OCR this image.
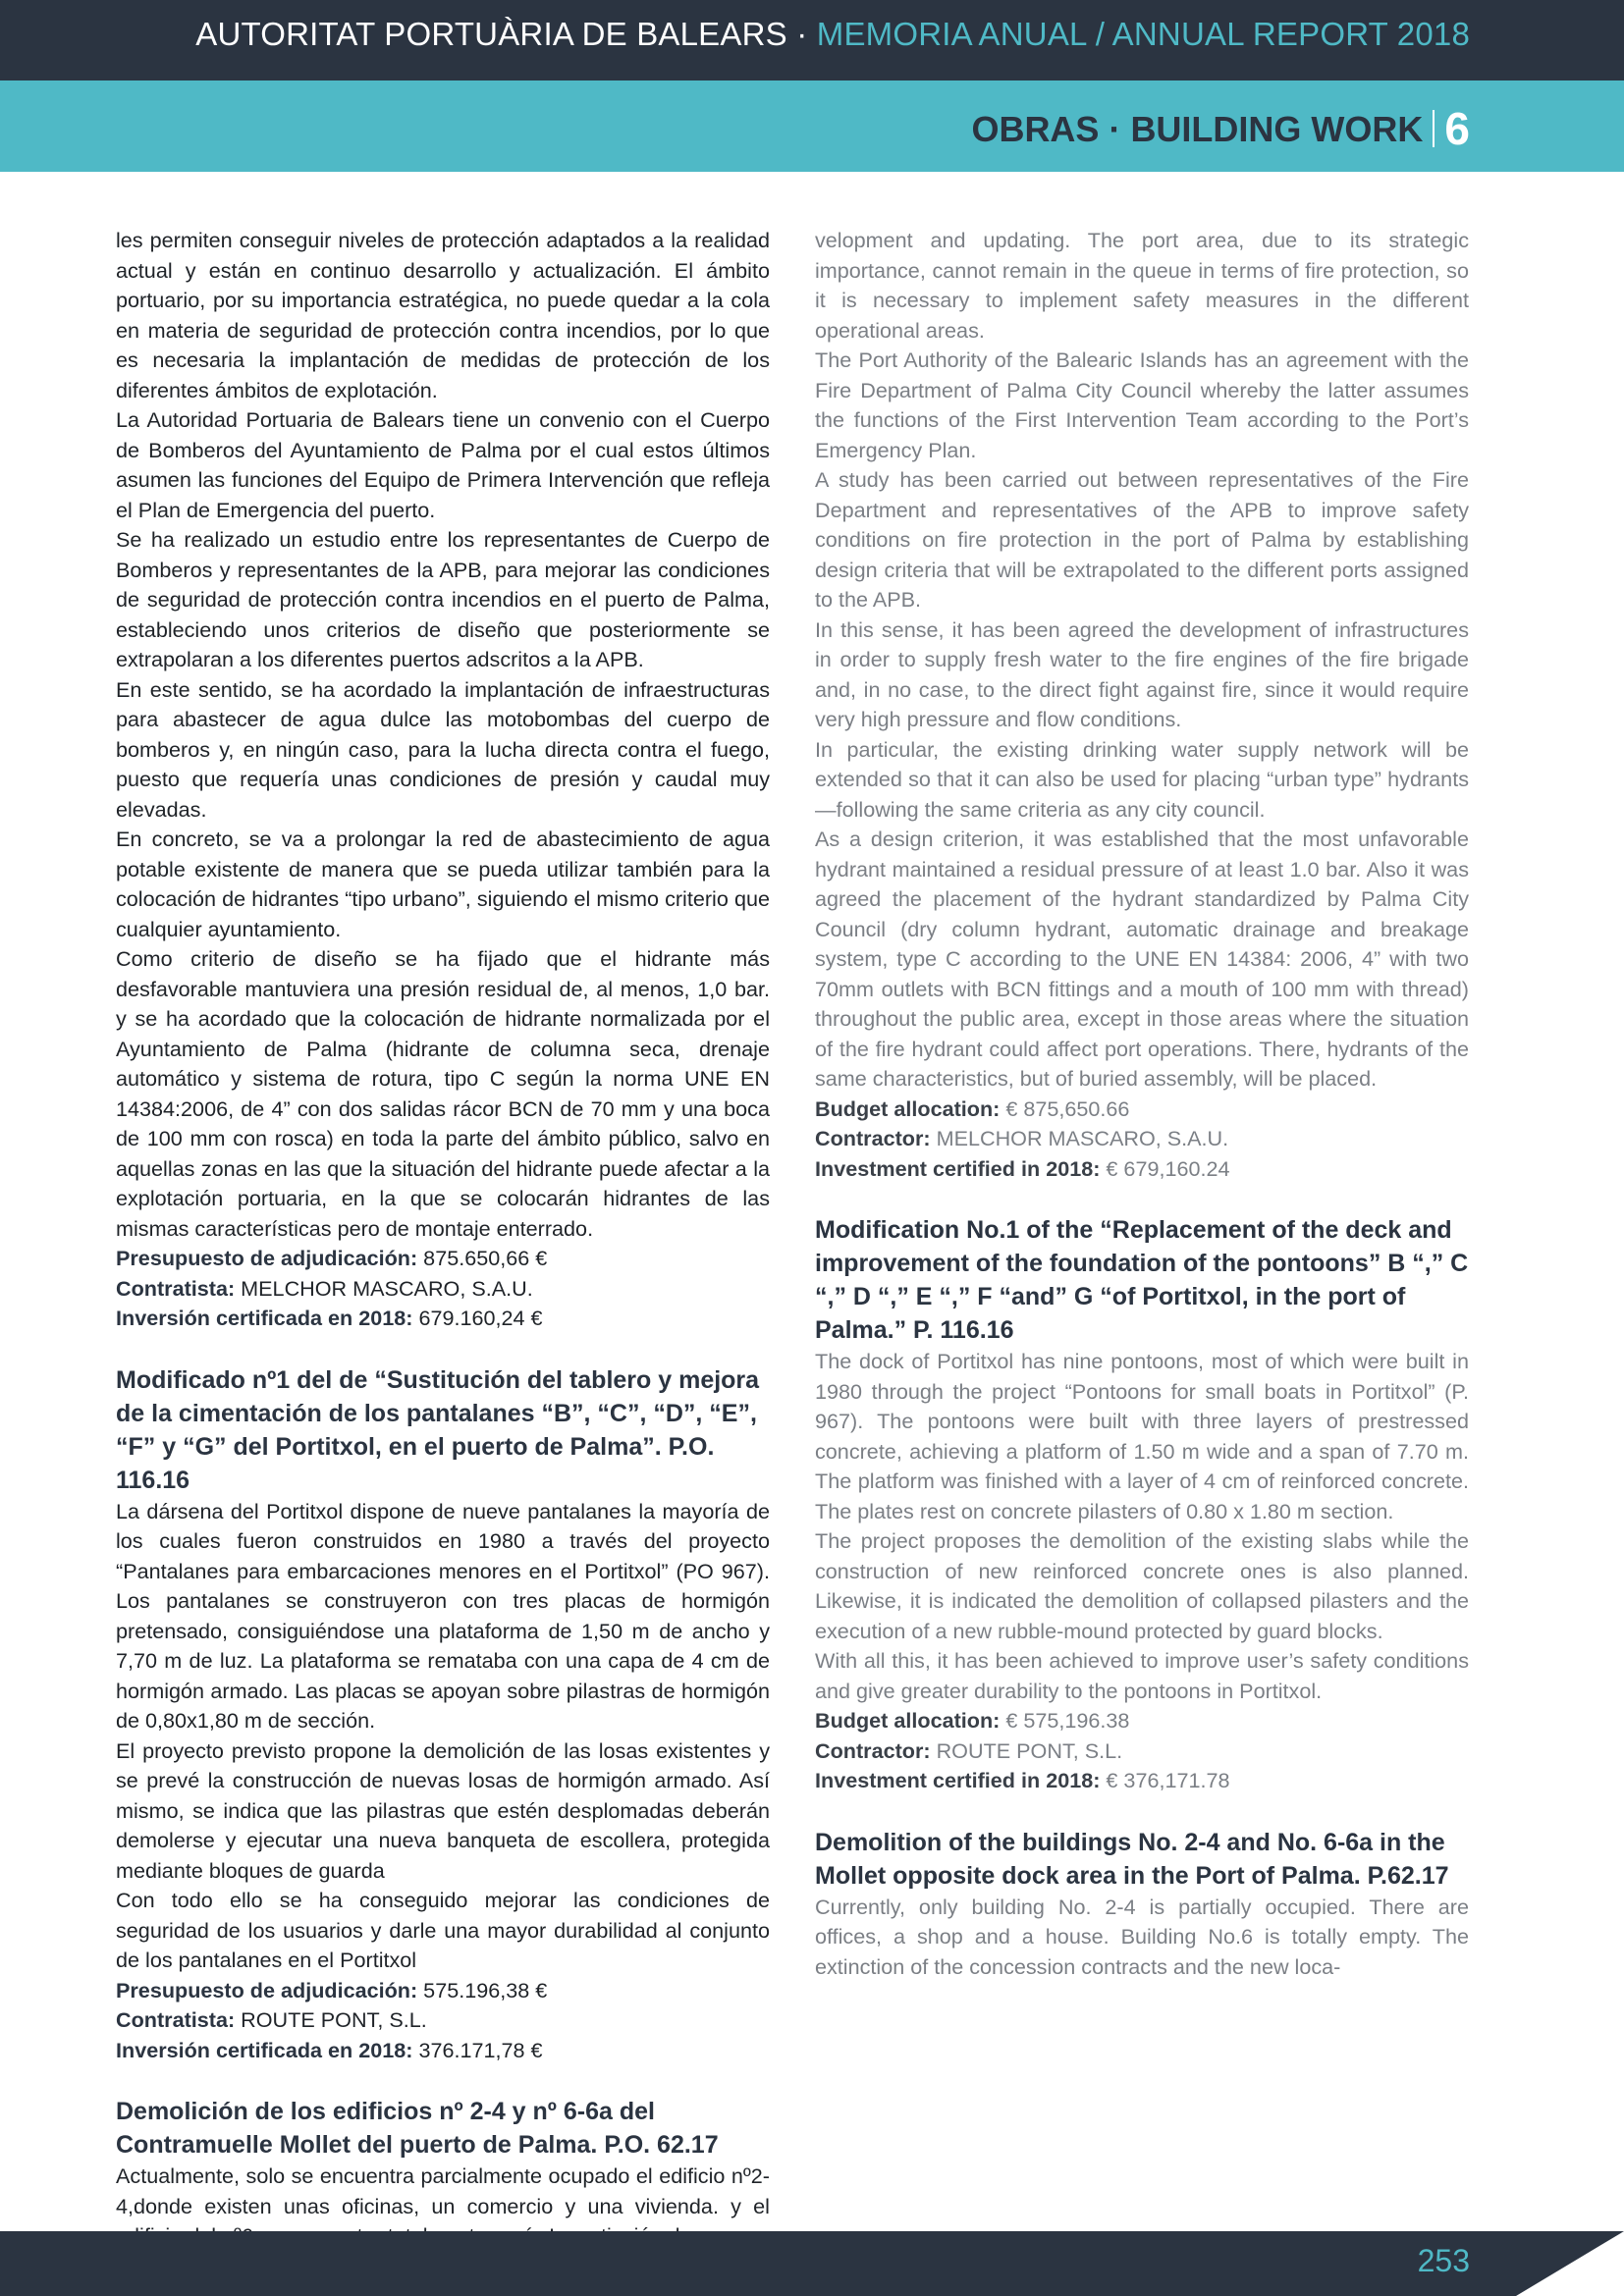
AUTORITAT PORTUÀRIA DE BALEARS · MEMORIA ANUAL / ANNUAL REPORT 2018
OBRAS · BUILDING WORK 6

les permiten conseguir niveles de protección adaptados a la realidad actual y están en continuo desarrollo y actualización. El ámbito portuario, por su importancia estratégica, no puede quedar a la cola en materia de seguridad de protección contra incendios, por lo que es necesaria la implantación de medidas de protección de los diferentes ámbitos de explotación.

La Autoridad Portuaria de Balears tiene un convenio con el Cuerpo de Bomberos del Ayuntamiento de Palma por el cual estos últimos asumen las funciones del Equipo de Primera Intervención que refleja el Plan de Emergencia del puerto.

Se ha realizado un estudio entre los representantes de Cuerpo de Bomberos y representantes de la APB, para mejorar las condiciones de seguridad de protección contra incendios en el puerto de Palma, estableciendo unos criterios de diseño que posteriormente se extrapolaran a los diferentes puertos adscritos a la APB.

En este sentido, se ha acordado la implantación de infraestructuras para abastecer de agua dulce las motobombas del cuerpo de bomberos y, en ningún caso, para la lucha directa contra el fuego, puesto que requería unas condiciones de presión y caudal muy elevadas.

En concreto, se va a prolongar la red de abastecimiento de agua potable existente de manera que se pueda utilizar también para la colocación de hidrantes “tipo urbano”, siguiendo el mismo criterio que cualquier ayuntamiento.

Como criterio de diseño se ha fijado que el hidrante más desfavorable mantuviera una presión residual de, al menos, 1,0 bar. y se ha acordado que la colocación de hidrante normalizada por el Ayuntamiento de Palma (hidrante de columna seca, drenaje automático y sistema de rotura, tipo C según la norma UNE EN 14384:2006, de 4” con dos salidas rácor BCN de 70 mm y una boca de 100 mm con rosca) en toda la parte del ámbito público, salvo en aquellas zonas en las que la situación del hidrante puede afectar a la explotación portuaria, en la que se colocarán hidrantes de las mismas características pero de montaje enterrado.

Presupuesto de adjudicación: 875.650,66 €
Contratista: MELCHOR MASCARO, S.A.U.
Inversión certificada en 2018: 679.160,24 €
Modificado nº1 del de “Sustitución del tablero y mejora de la cimentación de los pantalanes “B”, “C”, “D”, “E”, “F” y “G” del Portitxol, en el puerto de Palma”. P.O. 116.16

La dársena del Portitxol dispone de nueve pantalanes la mayoría de los cuales fueron construidos en 1980 a través del proyecto “Pantalanes para embarcaciones menores en el Portitxol” (PO 967). Los pantalanes se construyeron con tres placas de hormigón pretensado, consiguiéndose una plataforma de 1,50 m de ancho y 7,70 m de luz. La plataforma se remataba con una capa de 4 cm de hormigón armado. Las placas se apoyan sobre pilastras de hormigón de 0,80x1,80 m de sección.

El proyecto previsto propone la demolición de las losas existentes y se prevé la construcción de nuevas losas de hormigón armado. Así mismo, se indica que las pilastras que estén desplomadas deberán demolerse y ejecutar una nueva banqueta de escollera, protegida mediante bloques de guarda

Con todo ello se ha conseguido mejorar las condiciones de seguridad de los usuarios y darle una mayor durabilidad al conjunto de los pantalanes en el Portitxol

Presupuesto de adjudicación: 575.196,38 €
Contratista: ROUTE PONT, S.L.
Inversión certificada en 2018: 376.171,78 €
Demolición de los edificios nº 2-4 y nº 6-6a del Contramuelle Mollet del puerto de Palma. P.O. 62.17

Actualmente, solo se encuentra parcialmente ocupado el edificio nº2-4,donde existen unas oficinas, un comercio y una vivienda. y el

velopment and updating. The port area, due to its strategic importance, cannot remain in the queue in terms of fire protection, so it is necessary to implement safety measures in the different operational areas.

The Port Authority of the Balearic Islands has an agreement with the Fire Department of Palma City Council whereby the latter assumes the functions of the First Intervention Team according to the Port’s Emergency Plan.

A study has been carried out between representatives of the Fire Department and representatives of the APB to improve safety conditions on fire protection in the port of Palma by establishing design criteria that will be extrapolated to the different ports assigned to the APB.

In this sense, it has been agreed the development of infrastructures in order to supply fresh water to the fire engines of the fire brigade and, in no case, to the direct fight against fire, since it would require very high pressure and flow conditions.

In particular, the existing drinking water supply network will be extended so that it can also be used for placing “urban type” hydrants —following the same criteria as any city council.

As a design criterion, it was established that the most unfavorable hydrant maintained a residual pressure of at least 1.0 bar. Also it was agreed the placement of the hydrant standardized by Palma City Council (dry column hydrant, automatic drainage and breakage system, type C according to the UNE EN 14384: 2006, 4” with two 70mm outlets with BCN fittings and a mouth of 100 mm with thread) throughout the public area, except in those areas where the situation of the fire hydrant could affect port operations. There, hydrants of the same characteristics, but of buried assembly, will be placed.

Budget allocation: € 875,650.66
Contractor: MELCHOR MASCARO, S.A.U.
Investment certified in 2018: € 679,160.24
Modification No.1 of the “Replacement of the deck and improvement of the foundation of the pontoons” B “,” C “,” D “,” E “,” F “and” G “of Portitxol, in the port of Palma.” P. 116.16

The dock of Portitxol has nine pontoons, most of which were built in 1980 through the project “Pontoons for small boats in Portitxol” (P. 967). The pontoons were built with three layers of prestressed concrete, achieving a platform of 1.50 m wide and a span of 7.70 m. The platform was finished with a layer of 4 cm of reinforced concrete. The plates rest on concrete pilasters of 0.80 x 1.80 m section.

The project proposes the demolition of the existing slabs while the construction of new reinforced concrete ones is also planned. Likewise, it is indicated the demolition of collapsed pilasters and the execution of a new rubble-mound protected by guard blocks.

With all this, it has been achieved to improve user’s safety conditions and give greater durability to the pontoons in Portitxol.

Budget allocation: € 575,196.38
Contractor: ROUTE PONT, S.L.
Investment certified in 2018: € 376,171.78
Demolition of the buildings No. 2-4 and No. 6-6a in the Mollet opposite dock area in the Port of Palma. P.62.17

Currently, only building No. 2-4 is partially occupied. There are offices, a shop and a house. Building No.6 is totally empty. The extinction of the concession contracts and the new loca-

253
